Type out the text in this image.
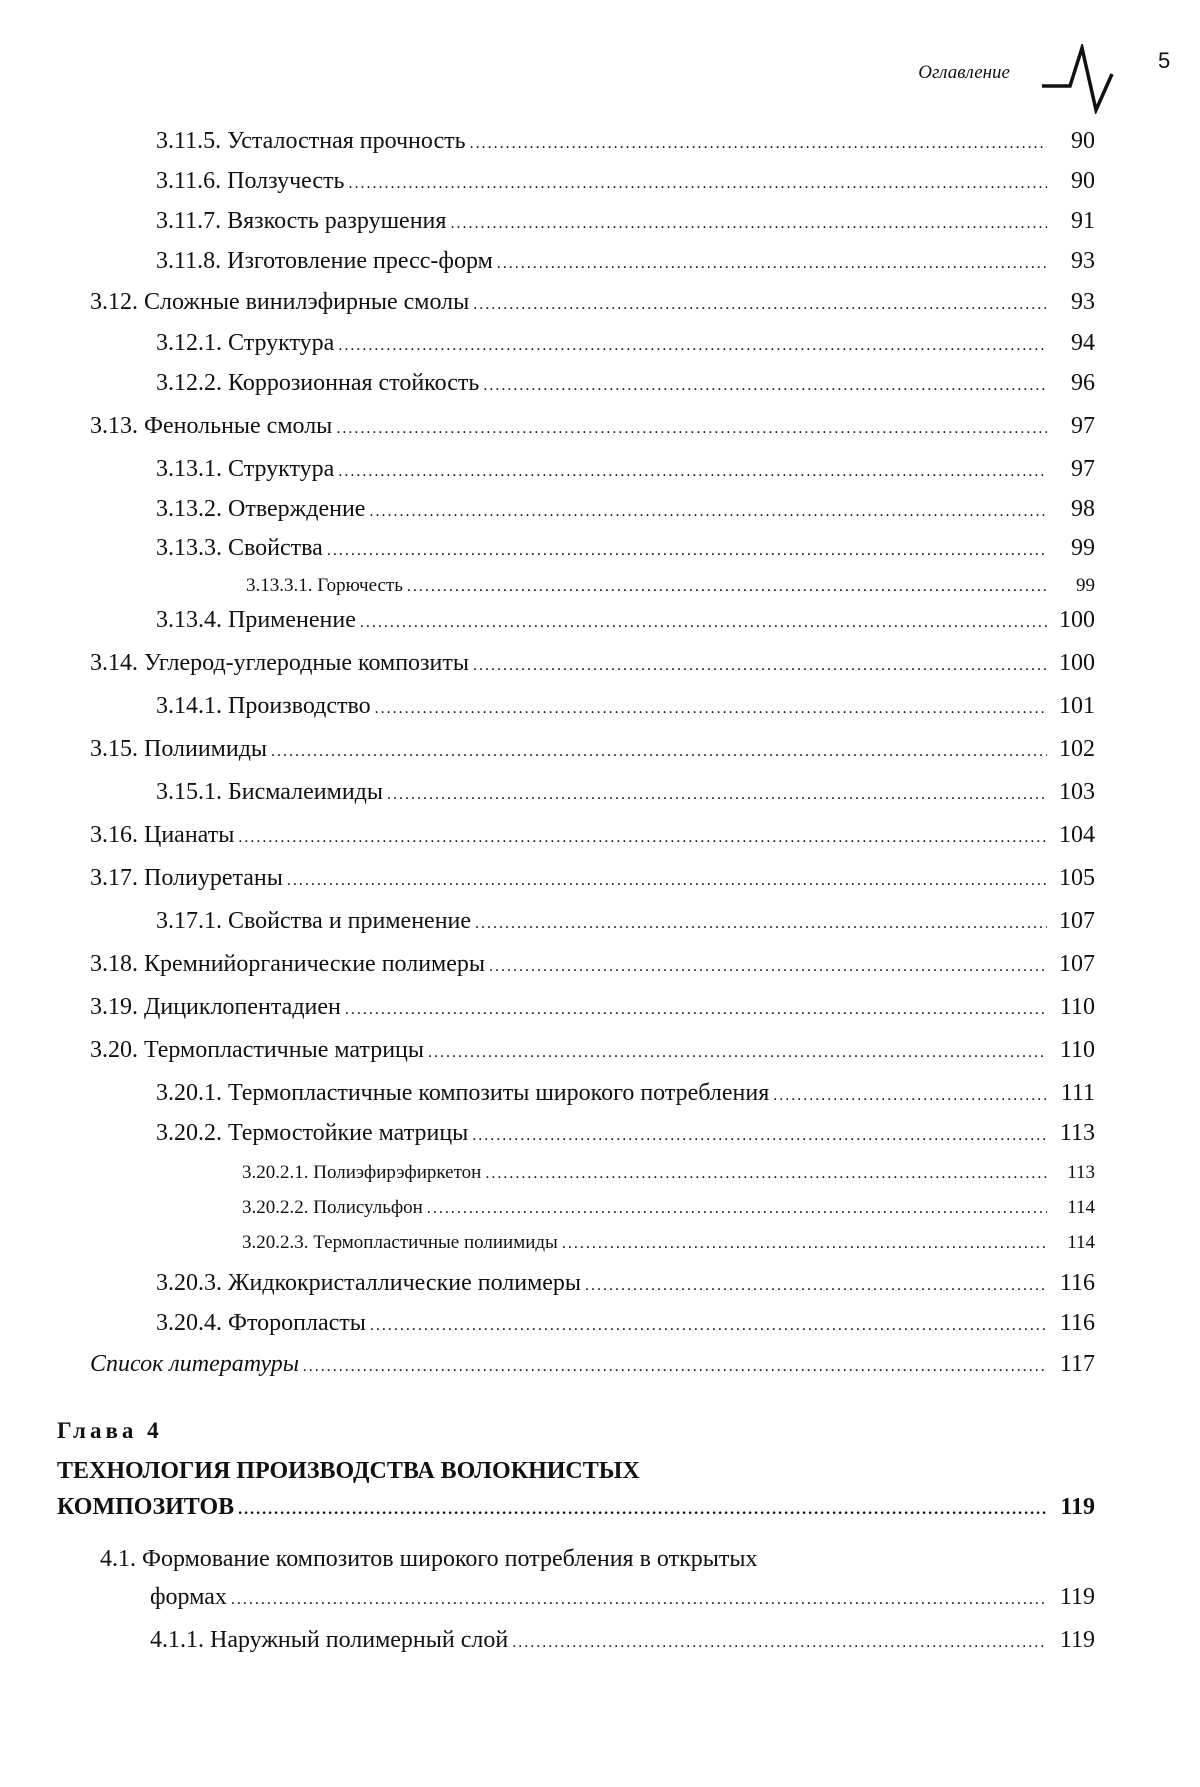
Оглавление	5
3.11.5. Усталостная прочность .....	90
3.11.6. Ползучесть .....	90
3.11.7. Вязкость разрушения .....	91
3.11.8. Изготовление пресс-форм .....	93
3.12. Сложные винилэфирные смолы .....	93
3.12.1. Структура .....	94
3.12.2. Коррозионная стойкость .....	96
3.13. Фенольные смолы .....	97
3.13.1. Структура .....	97
3.13.2. Отверждение .....	98
3.13.3. Свойства .....	99
3.13.3.1. Горючесть .....	99
3.13.4. Применение .....	100
3.14. Углерод-углеродные композиты .....	100
3.14.1. Производство .....	101
3.15. Полиимиды .....	102
3.15.1. Бисмалеимиды .....	103
3.16. Цианаты .....	104
3.17. Полиуретаны .....	105
3.17.1. Свойства и применение .....	107
3.18. Кремнийорганические полимеры .....	107
3.19. Дициклопентадиен .....	110
3.20. Термопластичные матрицы .....	110
3.20.1. Термопластичные композиты широкого потребления .....	111
3.20.2. Термостойкие матрицы .....	113
3.20.2.1. Полиэфирэфиркетон .....	113
3.20.2.2. Полисульфон .....	114
3.20.2.3. Термопластичные полиимиды .....	114
3.20.3. Жидкокристаллические полимеры .....	116
3.20.4. Фторопласты .....	116
Список литературы .....	117
Глава 4
ТЕХНОЛОГИЯ ПРОИЗВОДСТВА ВОЛОКНИСТЫХ
КОМПОЗИТОВ .....	119
4.1. Формование композитов широкого потребления в открытых
формах .....	119
4.1.1. Наружный полимерный слой .....	119
